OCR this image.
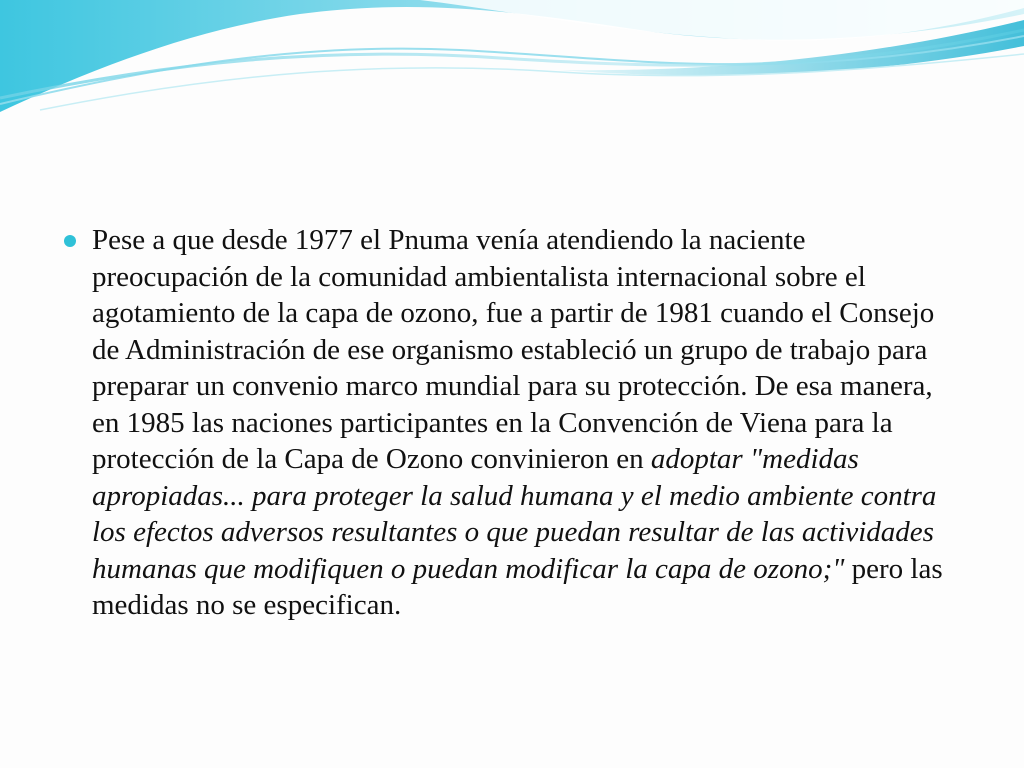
Pese a que desde 1977 el Pnuma venía atendiendo la naciente preocupación de la comunidad ambientalista internacional sobre el agotamiento de la capa de ozono, fue a partir de 1981 cuando el Consejo de Administración de ese organismo estableció un grupo de trabajo para preparar un convenio marco mundial para su protección. De esa manera, en 1985 las naciones participantes en la Convención de Viena para la protección de la Capa de Ozono convinieron en adoptar "medidas apropiadas... para proteger la salud humana y el medio ambiente contra los efectos adversos resultantes o que puedan resultar de las actividades humanas que modifiquen o puedan modificar la capa de ozono;" pero las medidas no se especifican.
